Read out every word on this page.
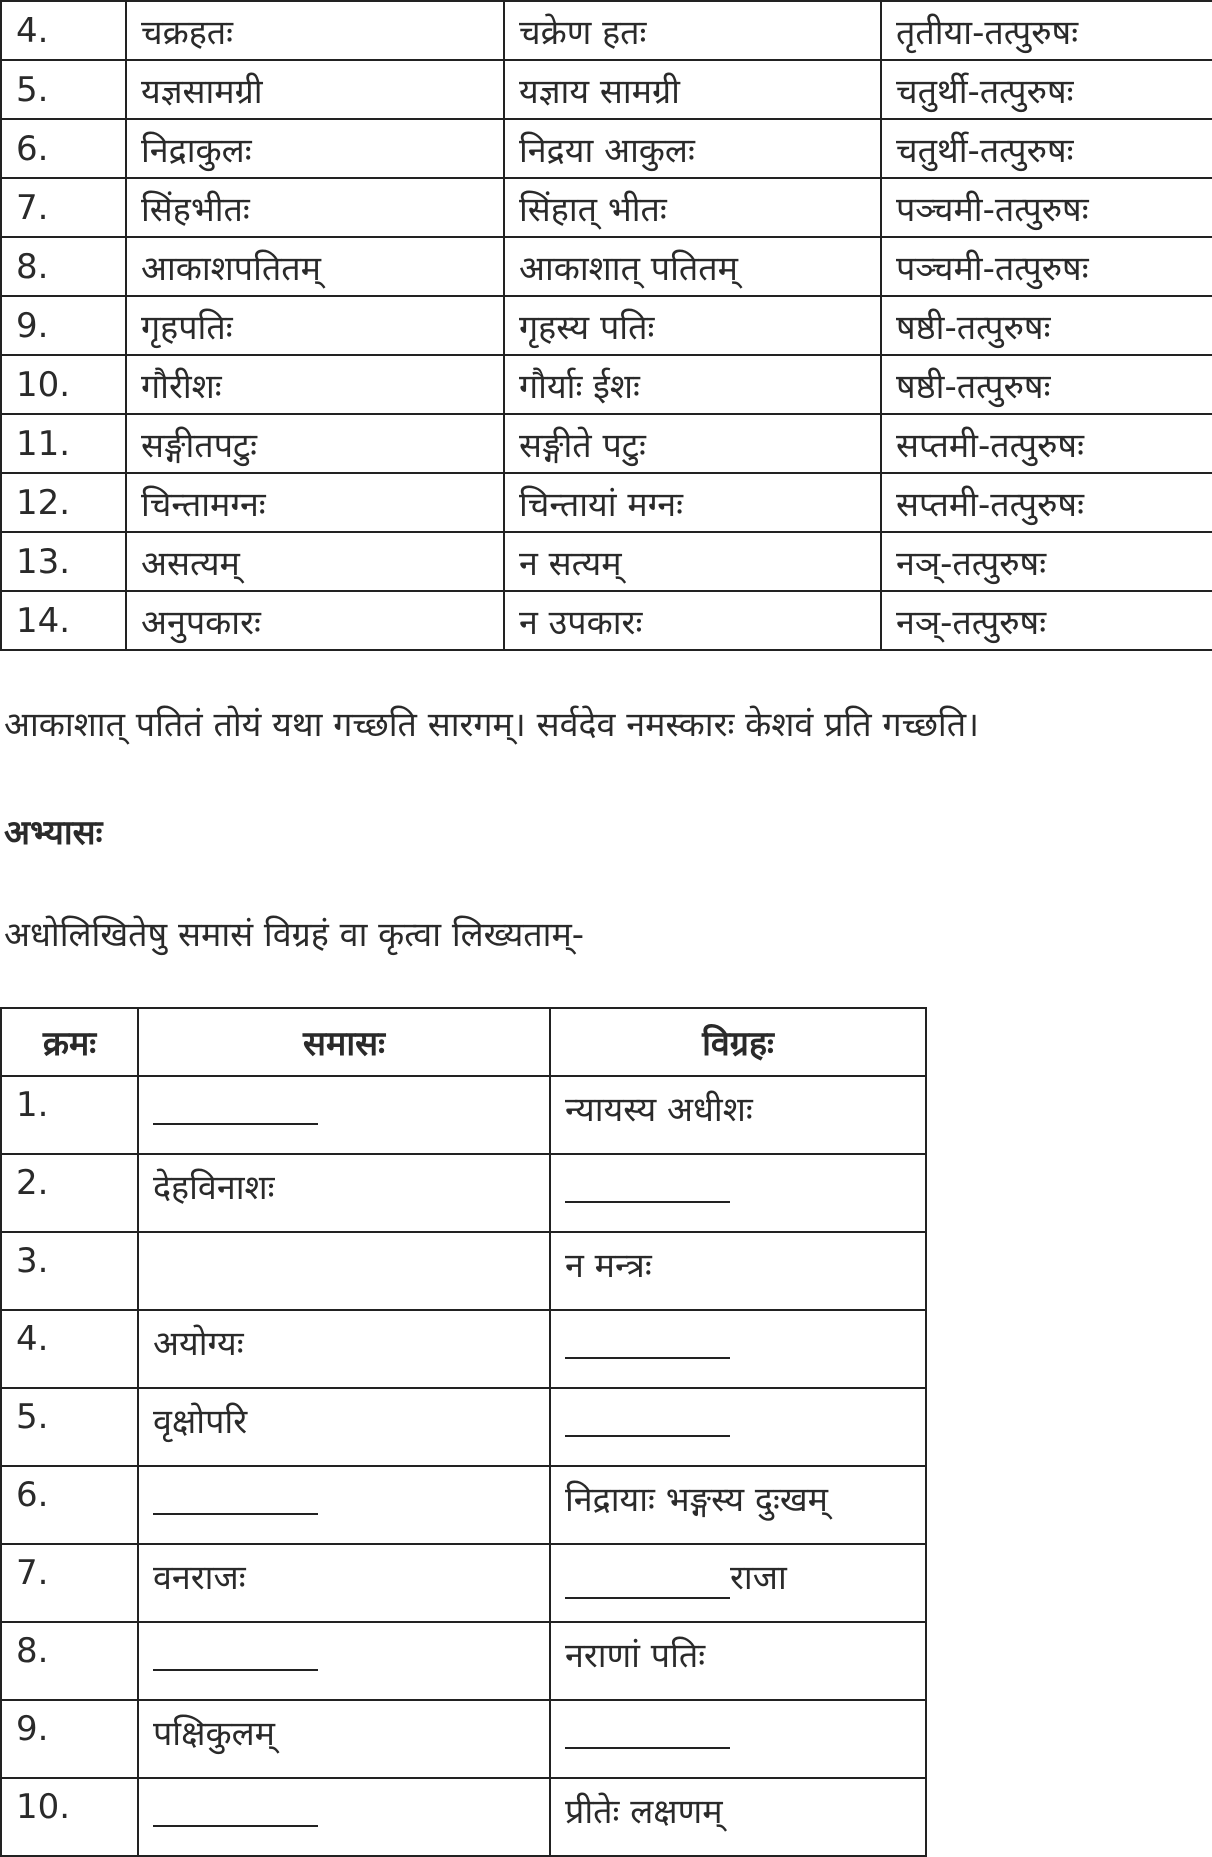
4.	चक्रहतः	चक्रेण हतः	तृतीया-तत्पुरुषः
5.	यज्ञसामग्री	यज्ञाय सामग्री	चतुर्थी-तत्पुरुषः
6.	निद्राकुलः	निद्रया आकुलः	चतुर्थी-तत्पुरुषः
7.	सिंहभीतः	सिंहात् भीतः	पञ्चमी-तत्पुरुषः
8.	आकाशपतितम्	आकाशात् पतितम्	पञ्चमी-तत्पुरुषः
9.	गृहपतिः	गृहस्य पतिः	षष्ठी-तत्पुरुषः
10.	गौरीशः	गौर्याः ईशः	षष्ठी-तत्पुरुषः
11.	सङ्गीतपटुः	सङ्गीते पटुः	सप्तमी-तत्पुरुषः
12.	चिन्तामग्नः	चिन्तायां मग्नः	सप्तमी-तत्पुरुषः
13.	असत्यम्	न सत्यम्	नञ्-तत्पुरुषः
14.	अनुपकारः	न उपकारः	नञ्-तत्पुरुषः
आकाशात् पतितं तोयं यथा गच्छति सारगम्। सर्वदेव नमस्कारः केशवं प्रति गच्छति।
अभ्यासः
अधोलिखितेषु समासं विग्रहं वा कृत्वा लिख्यताम्-
क्रमः	समासः	विग्रहः
1.		न्यायस्य अधीशः
2.	देहविनाशः	
3.		न मन्त्रः
4.	अयोग्यः	
5.	वृक्षोपरि	
6.		निद्रायाः भङ्गस्य दुःखम्
7.	वनराजः	राजा
8.		नराणां पतिः
9.	पक्षिकुलम्	
10.		प्रीतेः लक्षणम्
